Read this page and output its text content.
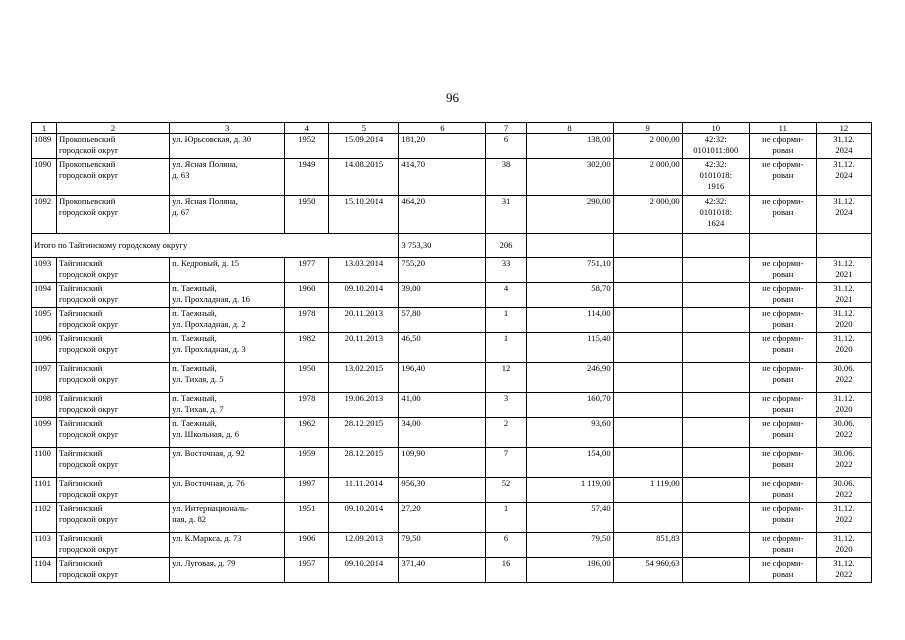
96
1	2	3	4	5	6	7	8	9	10	11	12
1089	Прокопьевский
городской округ	ул. Юрьсовская, д. 30	1952	15.09.2014	181,20	6	138,00	2 000,00	42:32:
0101011:800	не сформи-
рован	31.12.
2024

1090	Прокопьевский
городской округ	ул. Ясная Поляна,
д. 63	1949	14.08.2015	414,70	38	302,00	2 000,00	42:32:
0101018:
1916	не сформи-
рован	31.12.
2024

1092	Прокопьевский
городской округ	ул. Ясная Поляна,
д. 67	1950	15.10.2014	464,20	31	290,00	2 000,00	42:32:
0101018:
1624	не сформи-
рован	31.12.
2024

Итого по Тайгинскому городскому округу					3 753,30	206					
1093	Тайгинский
городской округ	п. Кедровый, д. 15	1977	13.03.2014	755,20	33	751,10			не сформи-
рован	31.12.
2021

1094	Тайгинский
городской округ	п. Таежный,
ул. Прохладная, д. 16	1960	09.10.2014	39,00	4	58,70			не сформи-
рован	31.12.
2021

1095	Тайгинский
городской округ	п. Таежный,
ул. Прохладная, д. 2	1978	20.11.2013	57,80	1	114,00			не сформи-
рован	31.12.
2020

1096	Тайгинский
городской округ	п. Таежный,
ул. Прохладная, д. 3	1982	20.11.2013	46,50	1	115,40			не сформи-
рован	31.12.
2020

1097	Тайгинский
городской округ	п. Таежный,
ул. Тихая, д. 5	1950	13.02.2015	196,40	12	246,90			не сформи-
рован	30.06.
2022

1098	Тайгинский
городской округ	п. Таежный,
ул. Тихая, д. 7	1978	19.06.2013	41,00	3	160,70			не сформи-
рован	31.12.
2020

1099	Тайгинский
городской округ	п. Таежный,
ул. Школьная, д. 6	1962	28.12.2015	34,00	2	93,60			не сформи-
рован	30.06.
2022

1100	Тайгинский
городской округ	ул. Восточная, д. 92	1959	28.12.2015	109,90	7	154,00			не сформи-
рован	30.06.
2022

1101	Тайгинский
городской округ	ул. Восточная, д. 76	1997	11.11.2014	956,30	52	1 119,00	1 119,00		не сформи-
рован	30.06.
2022

1102	Тайгинский
городской округ	ул. Интернациональ-
ная, д. 82	1951	09.10.2014	27,20	1	57,40			не сформи-
рован	31.12.
2022

1103	Тайгинский
городской округ	ул. К.Маркса, д. 73	1906	12.09.2013	79,50	6	79,50	851,83		не сформи-
рован	31.12.
2020

1104	Тайгинский
городской округ	ул. Луговая, д. 79	1957	09.10.2014	371,40	16	196,00	54 960,63		не сформи-
рован	31.12.
2022
